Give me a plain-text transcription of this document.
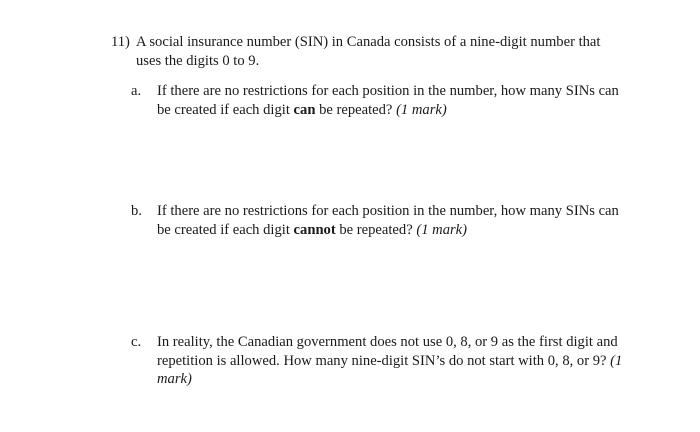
11) A social insurance number (SIN) in Canada consists of a nine-digit number that uses the digits 0 to 9.
a.	If there are no restrictions for each position in the number, how many SINs can be created if each digit can be repeated? (1 mark)
b.	If there are no restrictions for each position in the number, how many SINs can be created if each digit cannot be repeated? (1 mark)
c.	In reality, the Canadian government does not use 0, 8, or 9 as the first digit and repetition is allowed. How many nine-digit SIN’s do not start with 0, 8, or 9? (1 mark)
